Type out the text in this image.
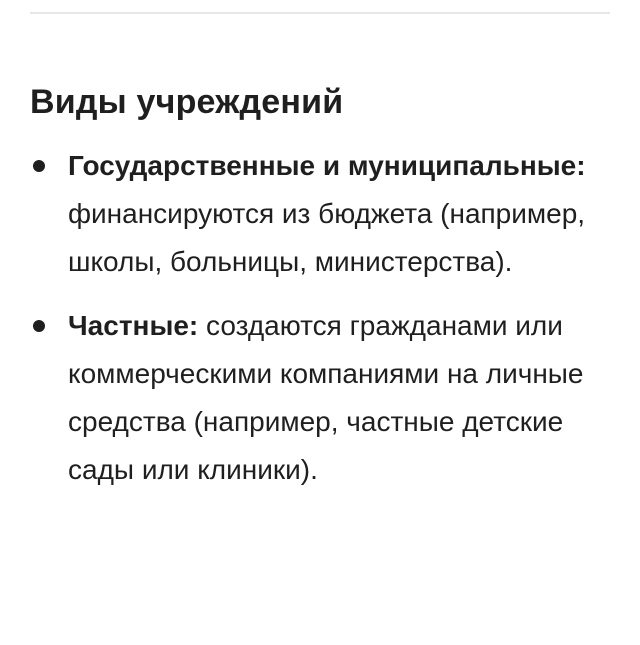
Виды учреждений
Государственные и муниципальные: финансируются из бюджета (например, школы, больницы, министерства).
Частные: создаются гражданами или коммерческими компаниями на личные средства (например, частные детские сады или клиники).
